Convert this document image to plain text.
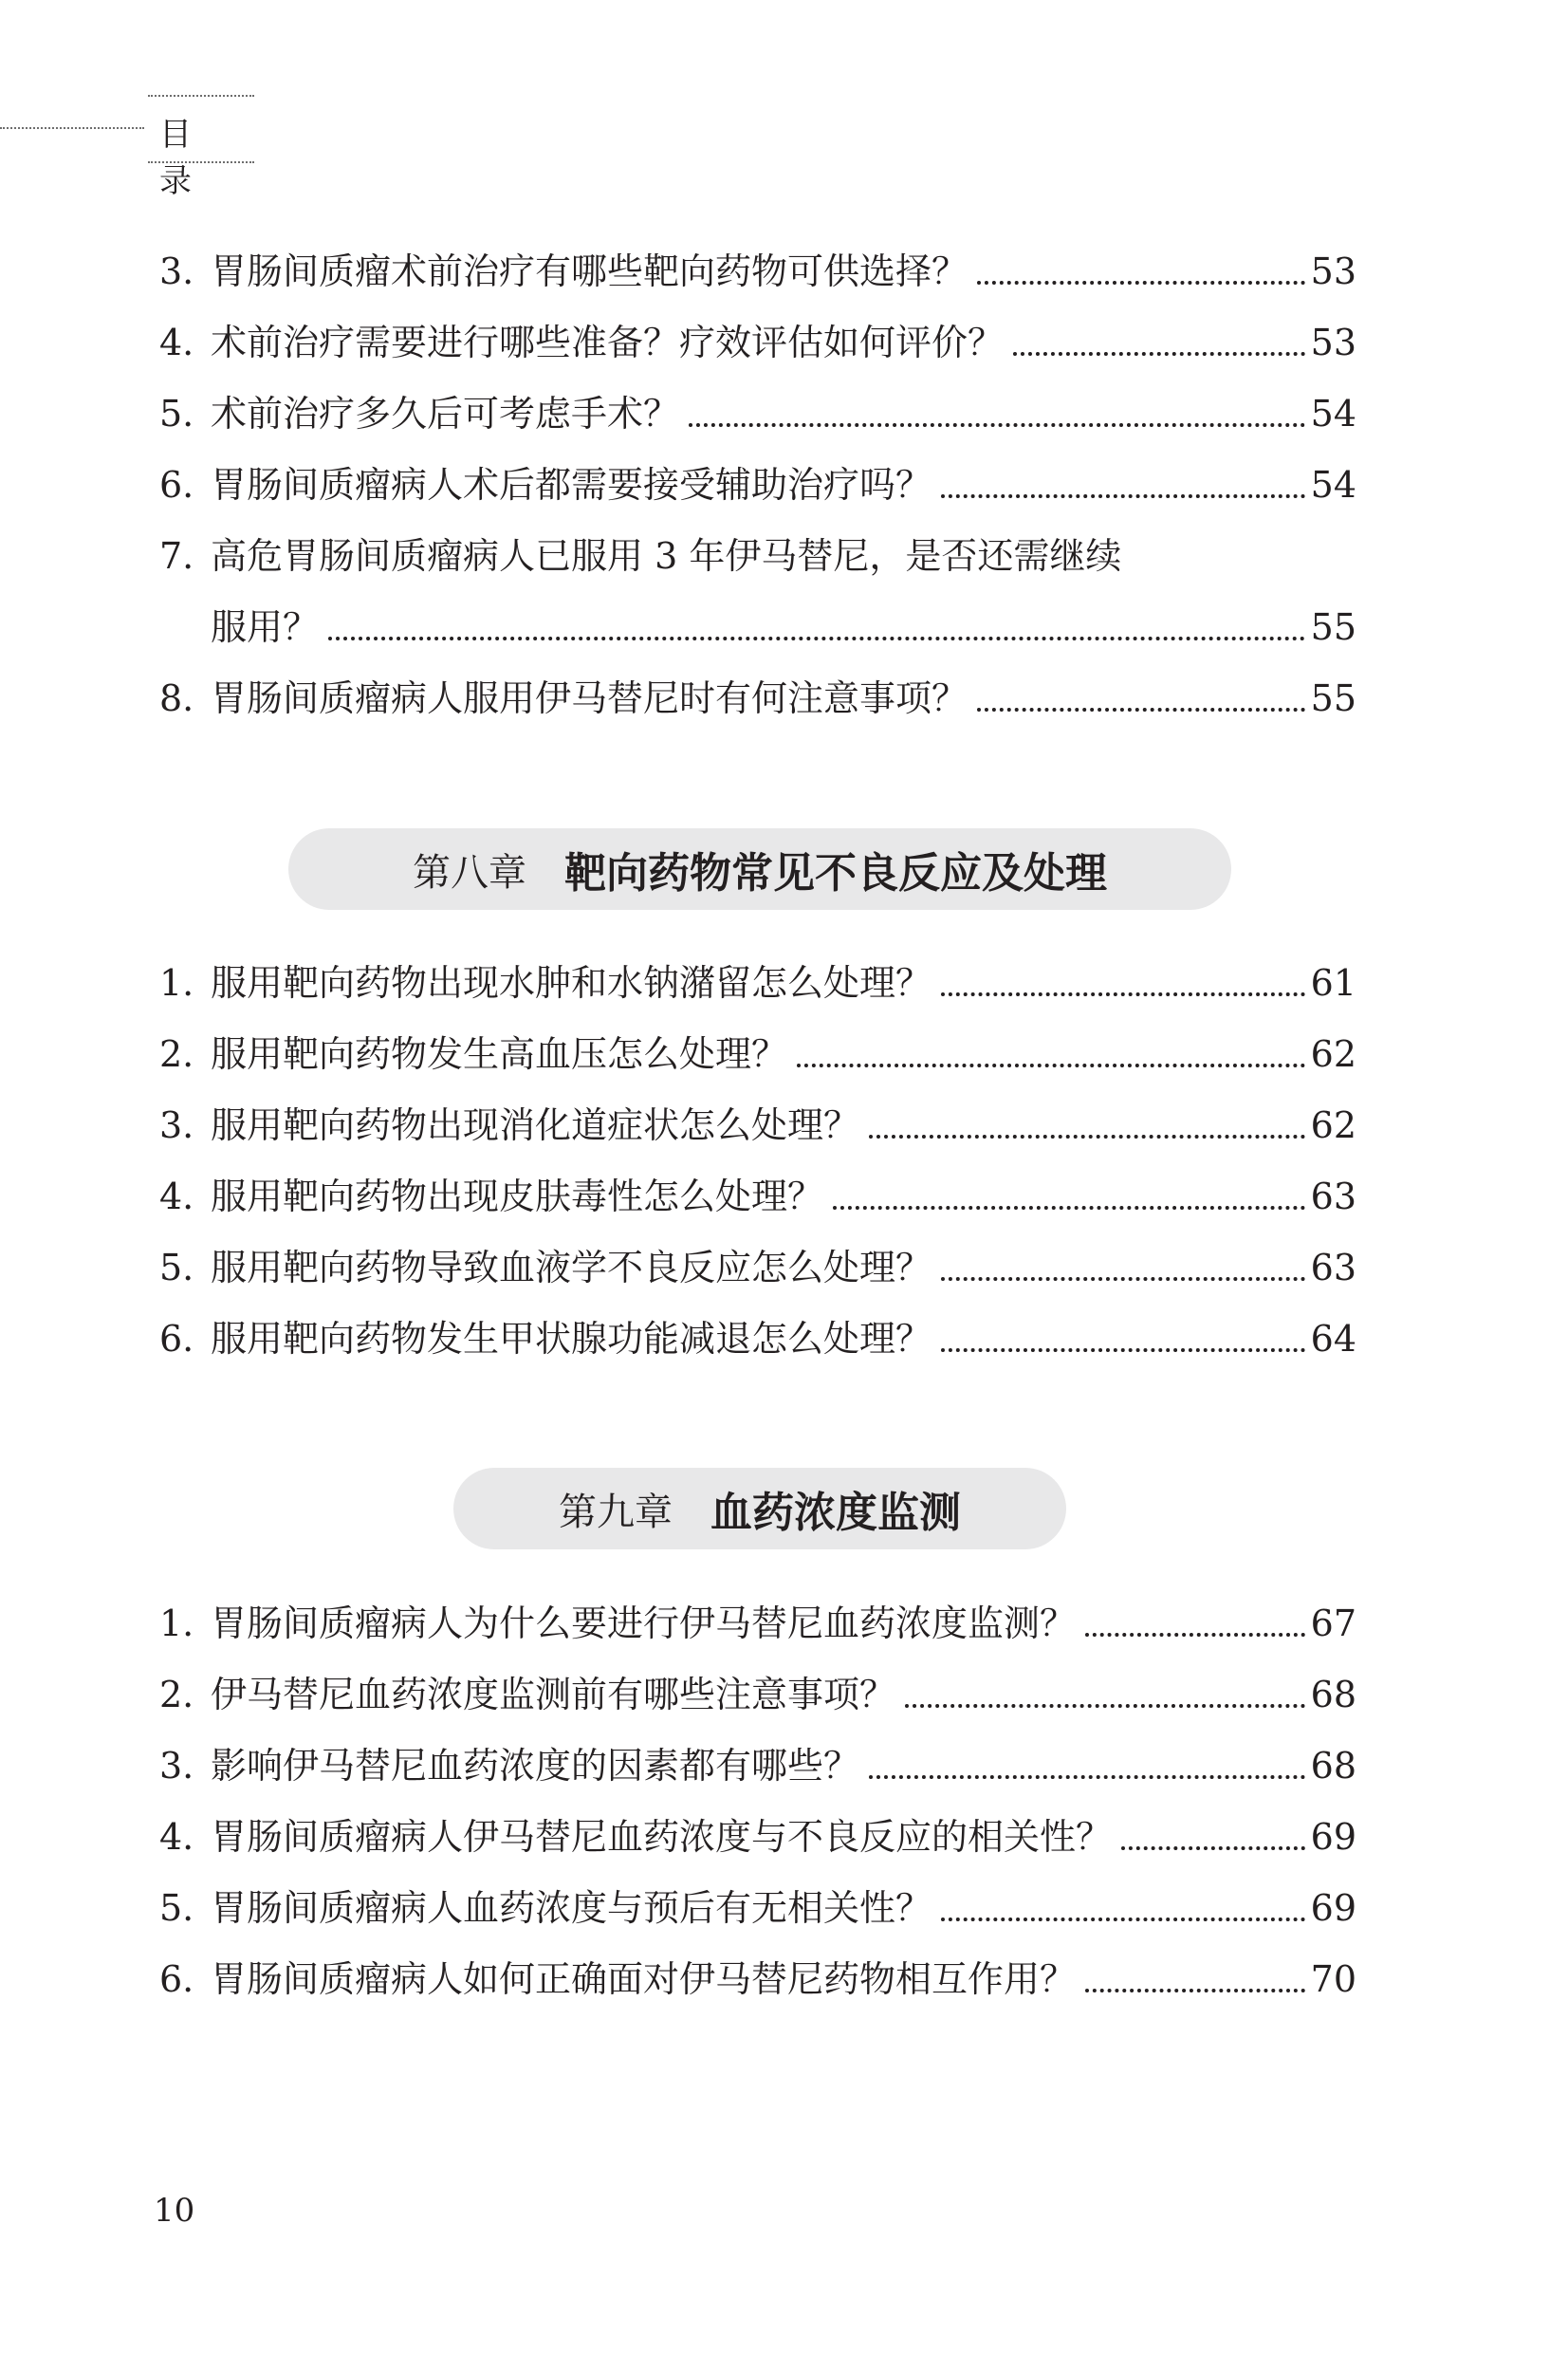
目 录
3. 胃肠间质瘤术前治疗有哪些靶向药物可供选择？	53
4. 术前治疗需要进行哪些准备？疗效评估如何评价？	53
5. 术前治疗多久后可考虑手术？	54
6. 胃肠间质瘤病人术后都需要接受辅助治疗吗？	54
7. 高危胃肠间质瘤病人已服用 3 年伊马替尼，是否还需继续
服用？	55
8. 胃肠间质瘤病人服用伊马替尼时有何注意事项？	55
第八章 靶向药物常见不良反应及处理
1. 服用靶向药物出现水肿和水钠潴留怎么处理？	61
2. 服用靶向药物发生高血压怎么处理？	62
3. 服用靶向药物出现消化道症状怎么处理？	62
4. 服用靶向药物出现皮肤毒性怎么处理？	63
5. 服用靶向药物导致血液学不良反应怎么处理？	63
6. 服用靶向药物发生甲状腺功能减退怎么处理？	64
第九章 血药浓度监测
1. 胃肠间质瘤病人为什么要进行伊马替尼血药浓度监测？	67
2. 伊马替尼血药浓度监测前有哪些注意事项？	68
3. 影响伊马替尼血药浓度的因素都有哪些？	68
4. 胃肠间质瘤病人伊马替尼血药浓度与不良反应的相关性？	69
5. 胃肠间质瘤病人血药浓度与预后有无相关性？	69
6. 胃肠间质瘤病人如何正确面对伊马替尼药物相互作用？	70
10
